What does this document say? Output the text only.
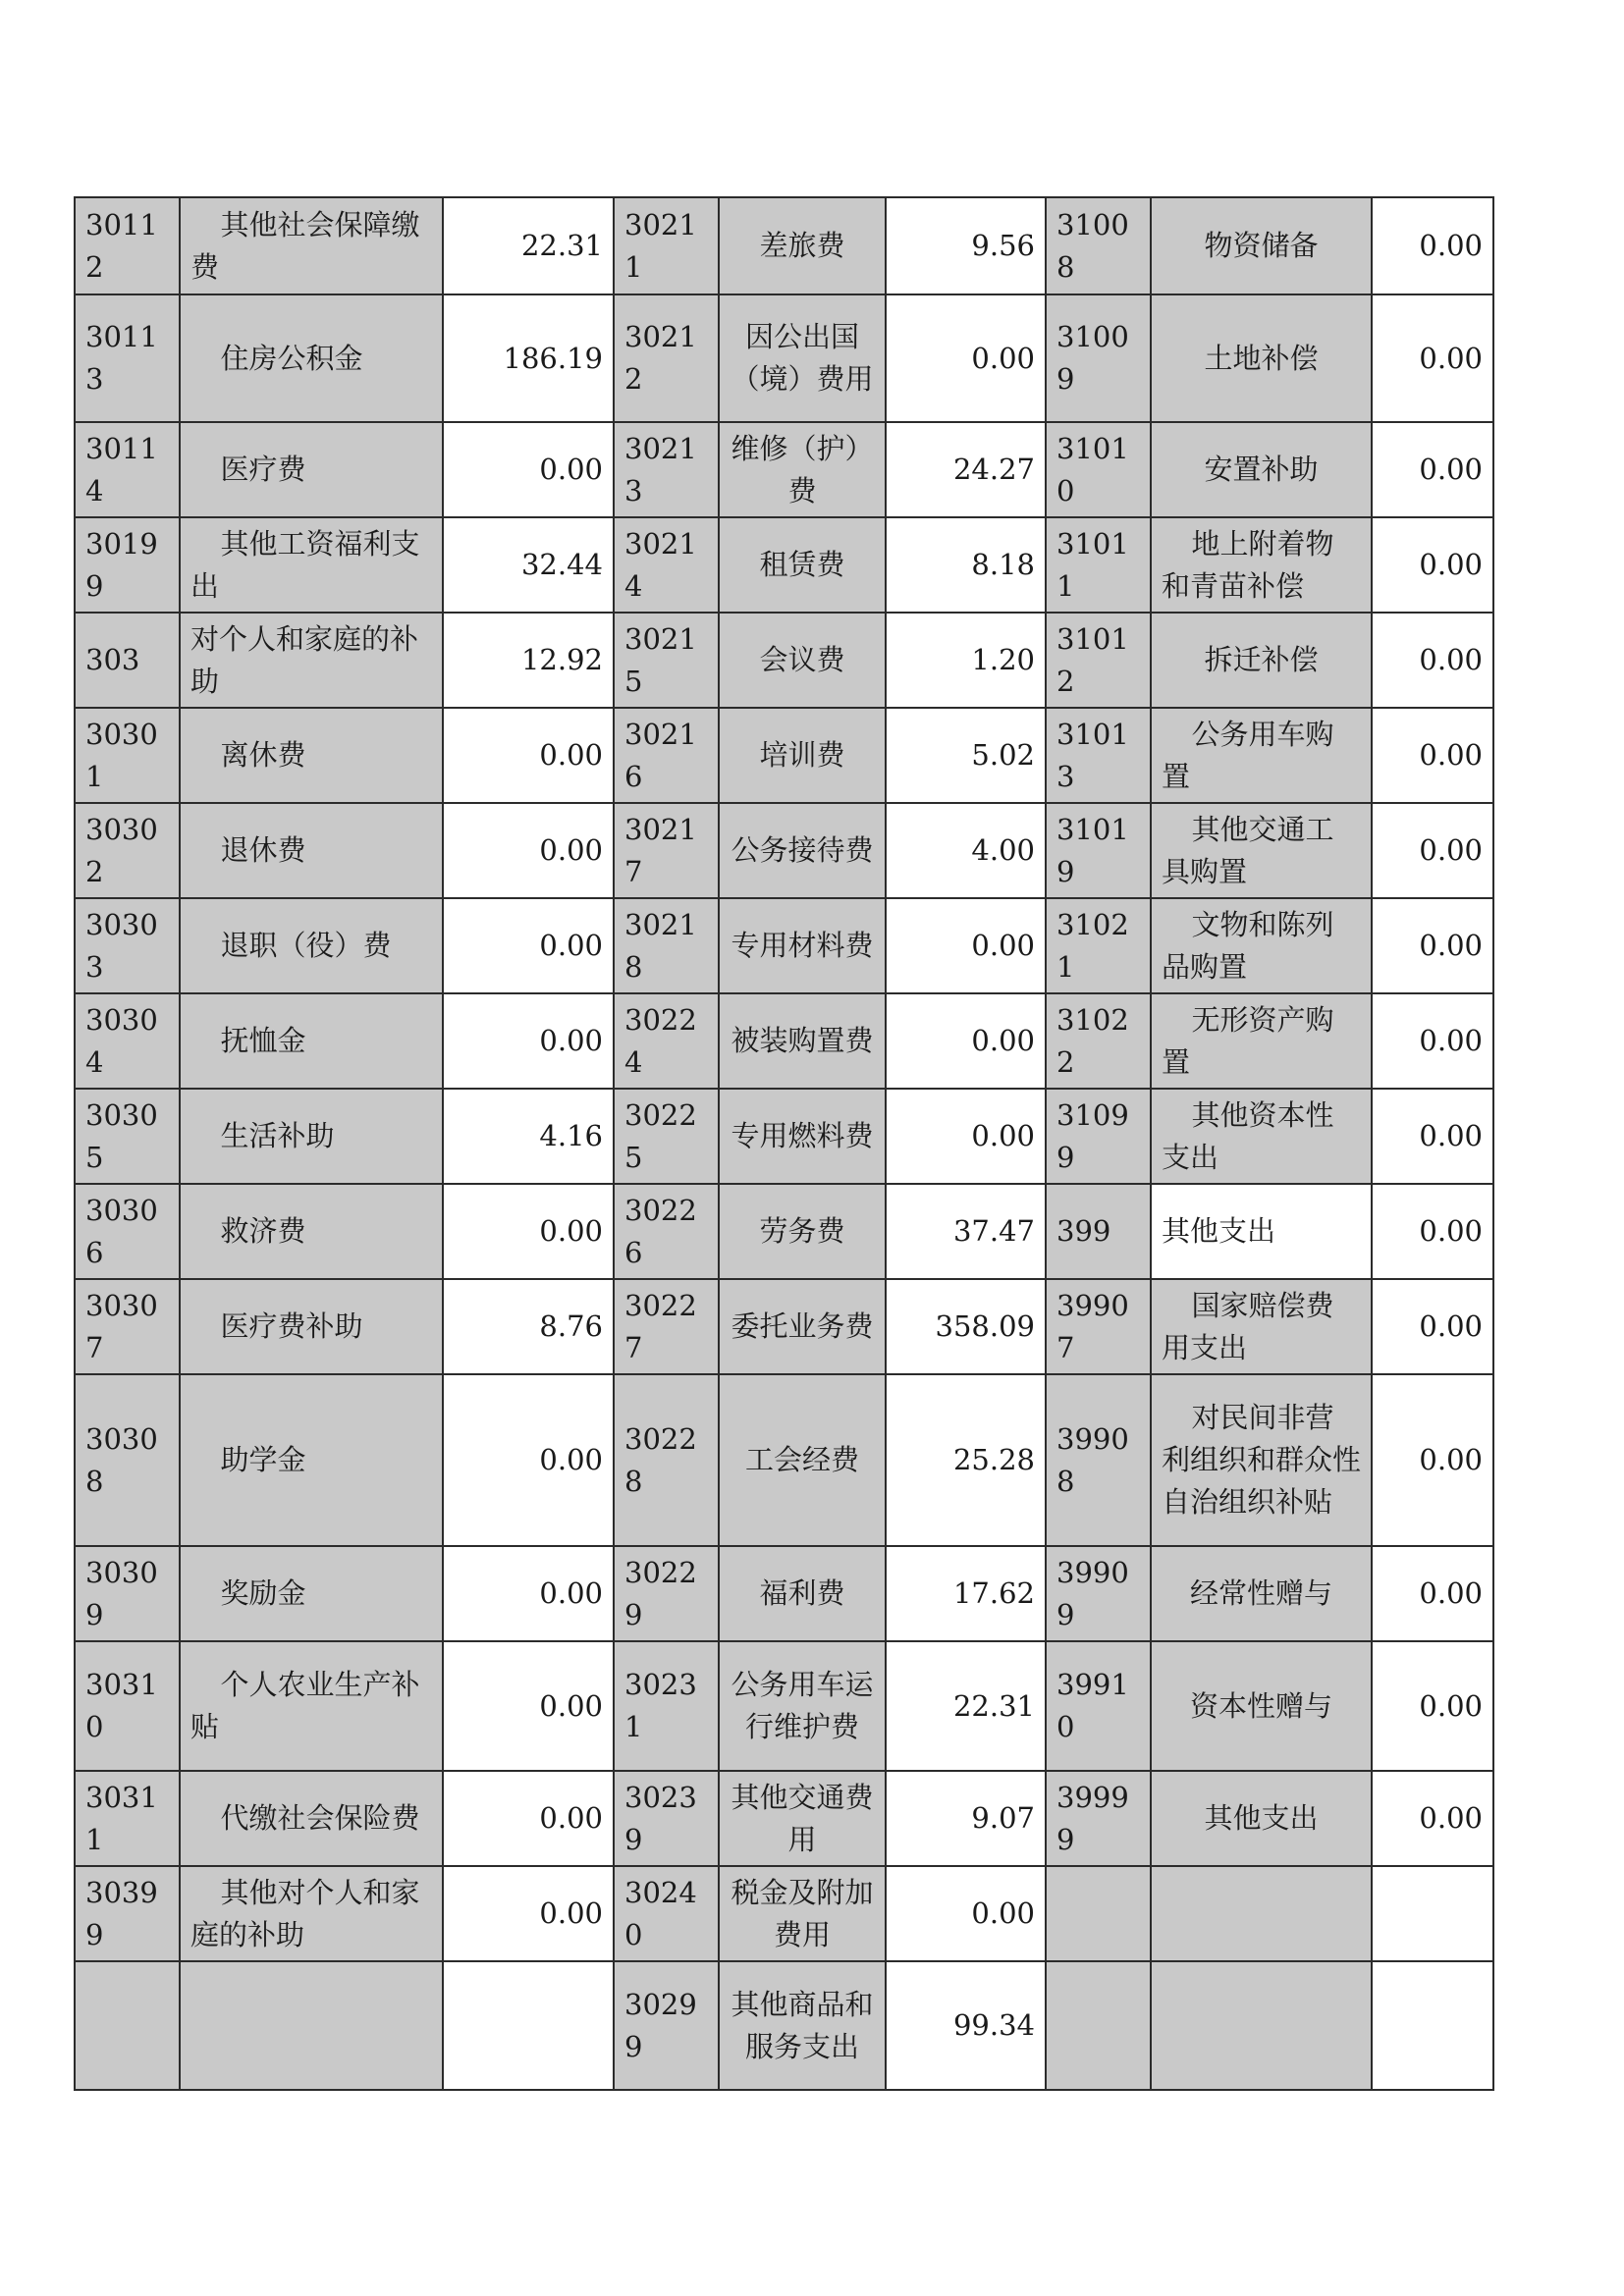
30112	其他社会保障缴费	22.31	30211	差旅费	9.56	31008	物资储备	0.00
30113	住房公积金	186.19	30212	因公出国（境）费用	0.00	31009	土地补偿	0.00
30114	医疗费	0.00	30213	维修（护）费	24.27	31010	安置补助	0.00
30199	其他工资福利支出	32.44	30214	租赁费	8.18	31011	地上附着物和青苗补偿	0.00
303	对个人和家庭的补助	12.92	30215	会议费	1.20	31012	拆迁补偿	0.00
30301	离休费	0.00	30216	培训费	5.02	31013	公务用车购置	0.00
30302	退休费	0.00	30217	公务接待费	4.00	31019	其他交通工具购置	0.00
30303	退职（役）费	0.00	30218	专用材料费	0.00	31021	文物和陈列品购置	0.00
30304	抚恤金	0.00	30224	被装购置费	0.00	31022	无形资产购置	0.00
30305	生活补助	4.16	30225	专用燃料费	0.00	31099	其他资本性支出	0.00
30306	救济费	0.00	30226	劳务费	37.47	399	其他支出	0.00
30307	医疗费补助	8.76	30227	委托业务费	358.09	39907	国家赔偿费用支出	0.00
30308	助学金	0.00	30228	工会经费	25.28	39908	对民间非营利组织和群众性自治组织补贴	0.00
30309	奖励金	0.00	30229	福利费	17.62	39909	经常性赠与	0.00
30310	个人农业生产补贴	0.00	30231	公务用车运行维护费	22.31	39910	资本性赠与	0.00
30311	代缴社会保险费	0.00	30239	其他交通费用	9.07	39999	其他支出	0.00
30399	其他对个人和家庭的补助	0.00	30240	税金及附加费用	0.00			
			30299	其他商品和服务支出	99.34			
